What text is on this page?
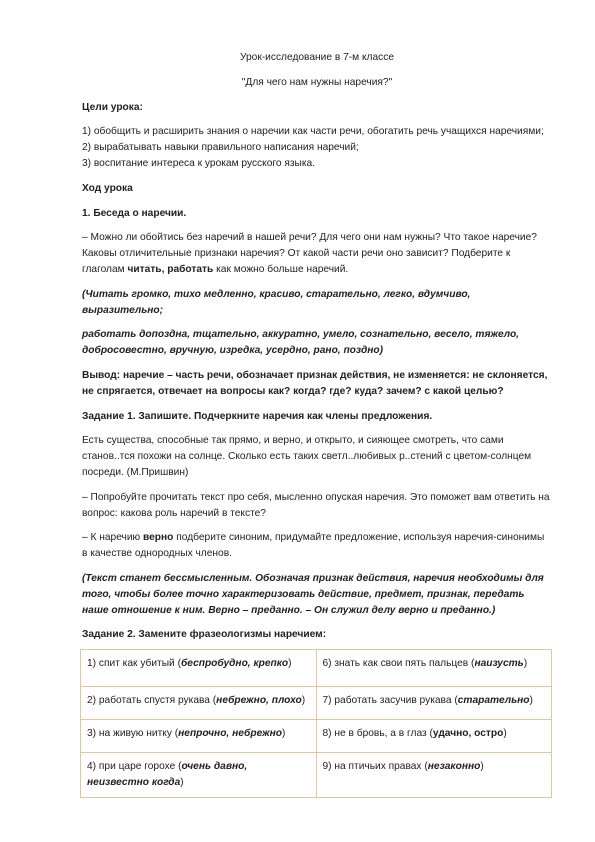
Урок-исследование в 7-м классе

"Для чего нам нужны наречия?"

Цели урока:

1) обобщить и расширить знания о наречии как части речи, обогатить речь учащихся наречиями;
2) вырабатывать навыки правильного написания наречий;
3) воспитание интереса к урокам русского языка.

Ход урока

1. Беседа о наречии.

– Можно ли обойтись без наречий в нашей речи? Для чего они нам нужны? Что такое наречие? Каковы отличительные признаки наречия? От какой части речи оно зависит? Подберите к глаголам читать, работать как можно больше наречий.

(Читать громко, тихо медленно, красиво, старательно, легко, вдумчиво, выразительно;

работать допоздна, тщательно, аккуратно, умело, сознательно, весело, тяжело, добросовестно, вручную, изредка, усердно, рано, поздно)

Вывод: наречие – часть речи, обозначает признак действия, не изменяется: не склоняется, не спрягается, отвечает на вопросы как? когда? где? куда? зачем? с какой целью?

Задание 1. Запишите. Подчеркните наречия как члены предложения.

Есть существа, способные так прямо, и верно, и открыто, и сияющее смотреть, что сами станов..тся похожи на солнце. Сколько есть таких светл..любивых р..стений с цветом-солнцем посреди. (М.Пришвин)

– Попробуйте прочитать текст про себя, мысленно опуская наречия. Это поможет вам ответить на вопрос: какова роль наречий в тексте?

– К наречию верно подберите синоним, придумайте предложение, используя наречия-синонимы в качестве однородных членов.

(Текст станет бессмысленным. Обозначая признак действия, наречия необходимы для того, чтобы более точно характеризовать действие, предмет, признак, передать наше отношение к ним. Верно – преданно. – Он служил делу верно и преданно.)

Задание 2. Замените фразеологизмы наречием:

1) спит как убитый (беспробудно, крепко)	6) знать как свои пять пальцев (наизусть)
2) работать спустя рукава (небрежно, плохо)	7) работать засучив рукава (старательно)
3) на живую нитку (непрочно, небрежно)	8) не в бровь, а в глаз (удачно, остро)
4) при царе горохе (очень давно, неизвестно когда)	9) на птичьих правах (незаконно)
